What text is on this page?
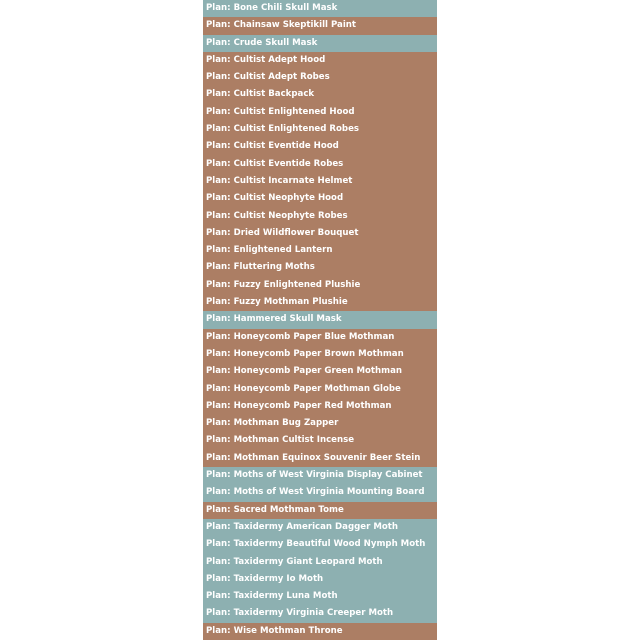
Plan: Bone Chili Skull Mask
Plan: Chainsaw Skeptikill Paint
Plan: Crude Skull Mask
Plan: Cultist Adept Hood
Plan: Cultist Adept Robes
Plan: Cultist Backpack
Plan: Cultist Enlightened Hood
Plan: Cultist Enlightened Robes
Plan: Cultist Eventide Hood
Plan: Cultist Eventide Robes
Plan: Cultist Incarnate Helmet
Plan: Cultist Neophyte Hood
Plan: Cultist Neophyte Robes
Plan: Dried Wildflower Bouquet
Plan: Enlightened Lantern
Plan: Fluttering Moths
Plan: Fuzzy Enlightened Plushie
Plan: Fuzzy Mothman Plushie
Plan: Hammered Skull Mask
Plan: Honeycomb Paper Blue Mothman
Plan: Honeycomb Paper Brown Mothman
Plan: Honeycomb Paper Green Mothman
Plan: Honeycomb Paper Mothman Globe
Plan: Honeycomb Paper Red Mothman
Plan: Mothman Bug Zapper
Plan: Mothman Cultist Incense
Plan: Mothman Equinox Souvenir Beer Stein
Plan: Moths of West Virginia Display Cabinet
Plan: Moths of West Virginia Mounting Board
Plan: Sacred Mothman Tome
Plan: Taxidermy American Dagger Moth
Plan: Taxidermy Beautiful Wood Nymph Moth
Plan: Taxidermy Giant Leopard Moth
Plan: Taxidermy Io Moth
Plan: Taxidermy Luna Moth
Plan: Taxidermy Virginia Creeper Moth
Plan: Wise Mothman Throne
